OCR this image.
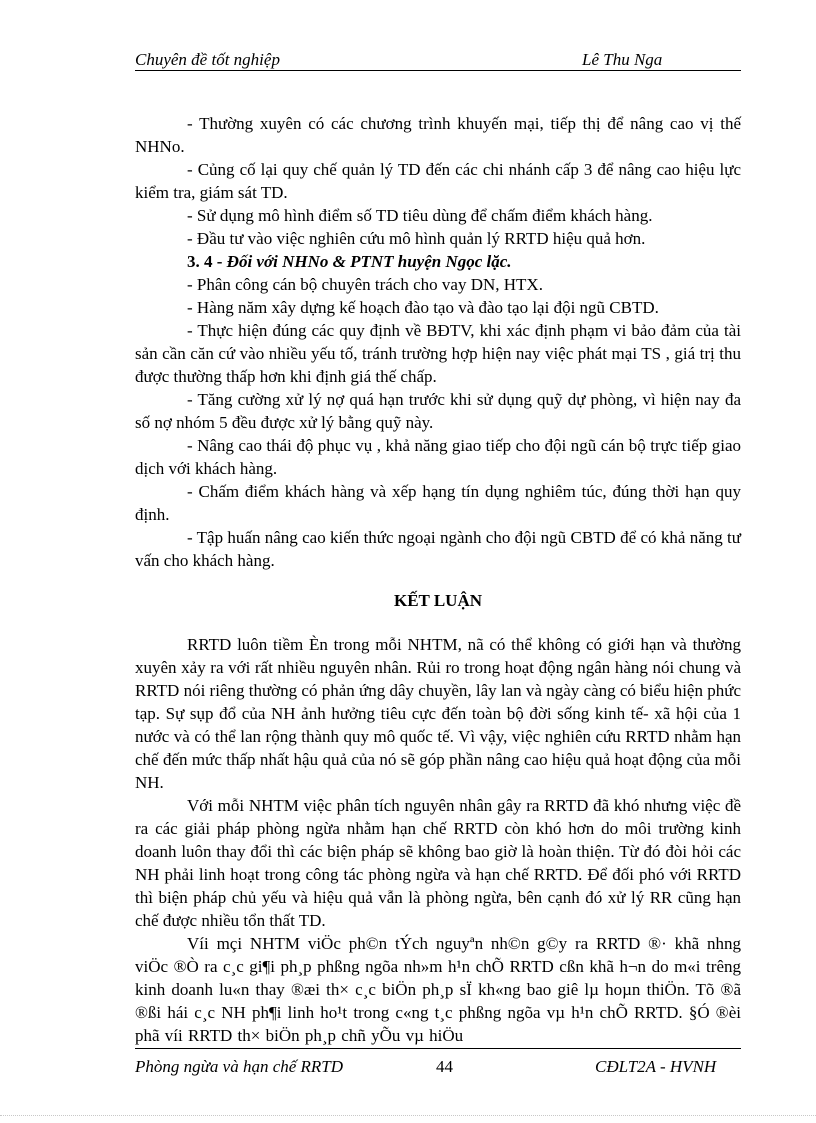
Chuyên đề tốt nghiệp	Lê Thu Nga

- Thường xuyên có các chương trình khuyến mại, tiếp thị để nâng cao vị thế NHNo.

- Củng cố lại quy chế quản lý TD đến các chi nhánh cấp 3 để nâng cao hiệu lực kiểm tra, giám sát TD.

- Sử dụng mô hình điểm số TD tiêu dùng để chấm điểm khách hàng.

- Đầu tư vào việc nghiên cứu mô hình quản lý RRTD hiệu quả hơn.

3. 4 - Đối với NHNo & PTNT huyện Ngọc lặc.

- Phân công cán bộ chuyên trách cho vay DN, HTX.

- Hàng năm xây dựng kế hoạch đào tạo và đào tạo lại đội ngũ CBTD.

- Thực hiện đúng các quy định về BĐTV, khi xác định phạm vi bảo đảm của tài sản cần căn cứ vào nhiều yếu tố, tránh trường hợp hiện nay việc phát mại TS , giá trị thu được thường thấp hơn khi định giá thế chấp.

- Tăng cường xử lý nợ quá hạn trước khi sử dụng quỹ dự phòng, vì hiện nay đa số nợ nhóm 5 đều được xử lý bằng quỹ này.

- Nâng cao thái độ phục vụ , khả năng giao tiếp cho đội ngũ cán bộ trực tiếp giao dịch với khách hàng.

- Chấm điểm khách hàng và xếp hạng tín dụng nghiêm túc, đúng thời hạn quy định.

- Tập huấn nâng cao kiến thức ngoại ngành cho đội ngũ CBTD để có khả năng tư vấn cho khách hàng.

KẾT LUẬN

RRTD luôn tiềm Èn trong mỗi NHTM, nã có thể không có giới hạn và thường xuyên xảy ra với rất nhiều nguyên nhân. Rủi ro trong hoạt động ngân hàng nói chung và RRTD nói riêng thường có phản ứng dây chuyền, lây lan và ngày càng có biểu hiện phức tạp. Sự sụp đổ của NH ảnh hưởng tiêu cực đến toàn bộ đời sống kinh tế- xã hội của 1 nước và có thể lan rộng thành quy mô quốc tế. Vì vậy, việc nghiên cứu RRTD nhằm hạn chế đến mức thấp nhất hậu quả của nó sẽ góp phần nâng cao hiệu quả hoạt động của mỗi NH.

Với mỗi NHTM việc phân tích nguyên nhân gây ra RRTD đã khó nhưng việc đề ra các giải pháp phòng ngừa nhằm hạn chế RRTD còn khó hơn do môi trường kinh doanh luôn thay đổi thì các biện pháp sẽ không bao giờ là hoàn thiện. Từ đó đòi hỏi các NH phải linh hoạt trong công tác phòng ngừa và hạn chế RRTD. Để đối phó với RRTD thì biện pháp chủ yếu và hiệu quả vẫn là phòng ngừa, bên cạnh đó xử lý RR cũng hạn chế được nhiều tổn thất TD.

Víi mçi NHTM viÖc ph©n tÝch nguyªn nh©n g©y ra RRTD ®· khã nhng viÖc ®Ò ra c¸c gi¶i ph¸p phßng ngõa nh»m h¹n chÕ RRTD cßn khã h¬n do m«i trêng kinh doanh lu«n thay ®æi th× c¸c biÖn ph¸p sÏ kh«ng bao giê lµ hoµn thiÖn. Tõ ®ã ®ßi hái c¸c NH ph¶i linh ho¹t trong c«ng t¸c phßng ngõa vµ h¹n chÕ RRTD. §Ó ®èi phã víi RRTD th× biÖn ph¸p chñ yÕu vµ hiÖu

Phòng ngừa và hạn chế RRTD	44	CĐLT2A - HVNH
